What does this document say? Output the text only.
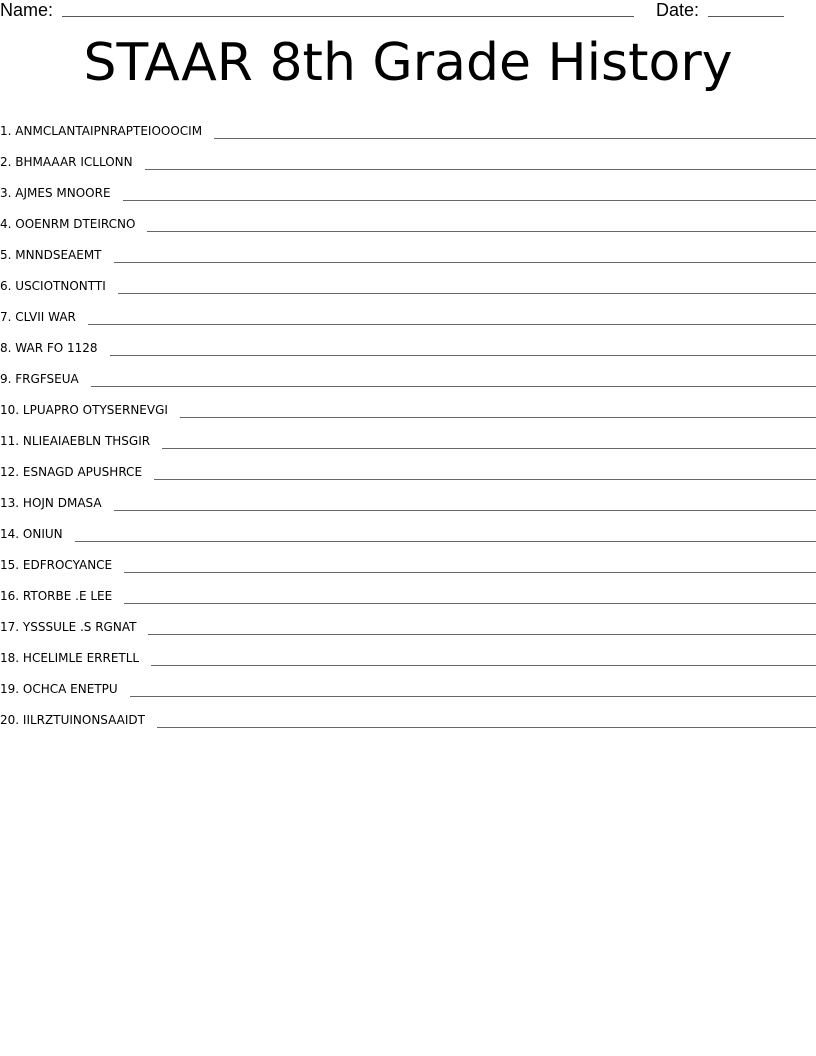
Name:	Date:
STAAR 8th Grade History
1. ANMCLANTAIPNRAPTEIOOOCIM
2. BHMAAAR ICLLONN
3. AJMES MNOORE
4. OOENRM DTEIRCNO
5. MNNDSEAEMT
6. USCIOTNONTTI
7. CLVII WAR
8. WAR FO 1128
9. FRGFSEUA
10. LPUAPRO OTYSERNEVGI
11. NLIEAIAEBLN THSGIR
12. ESNAGD APUSHRCE
13. HOJN DMASA
14. ONIUN
15. EDFROCYANCE
16. RTORBE .E LEE
17. YSSSULE .S RGNAT
18. HCELIMLE ERRETLL
19. OCHCA ENETPU
20. IILRZTUINONSAAIDT
